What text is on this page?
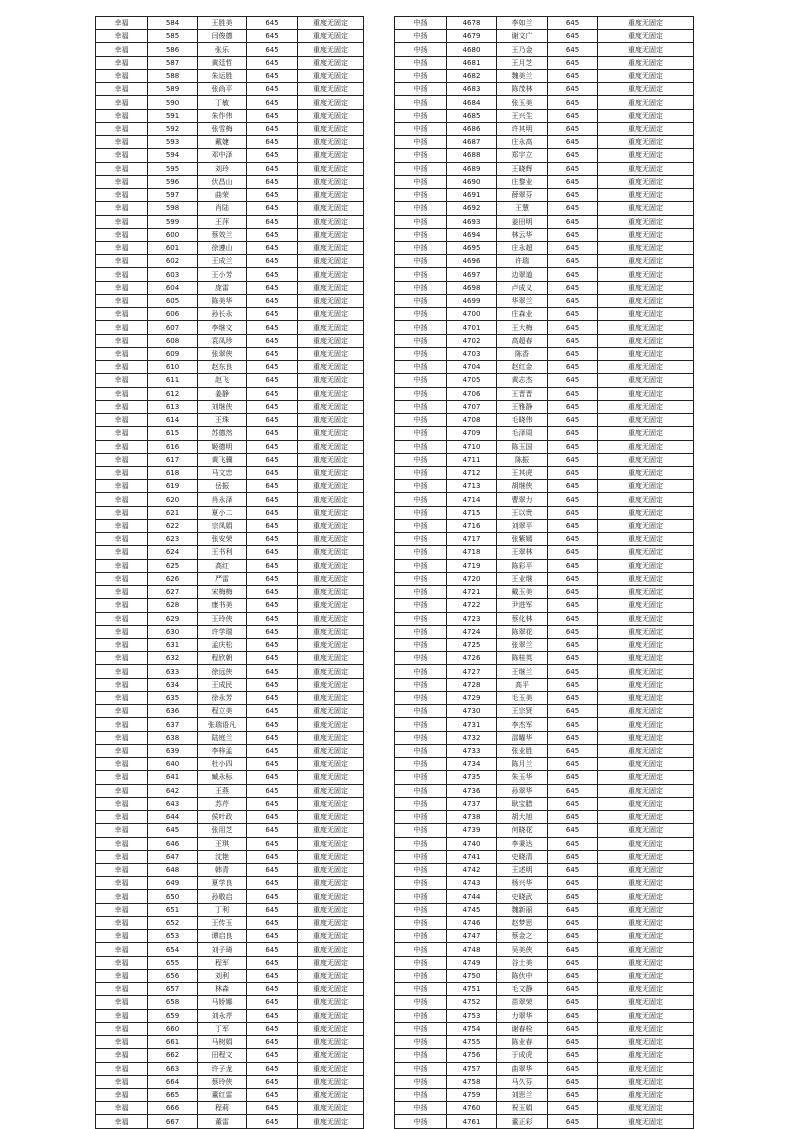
幸福	584	王胜美	645	重度无固定
幸福	585	闫俊德	645	重度无固定
幸福	586	张乐	645	重度无固定
幸福	587	黄廷哲	645	重度无固定
幸福	588	朱运胜	645	重度无固定
幸福	589	张尚平	645	重度无固定
幸福	590	丁敏	645	重度无固定
幸福	591	朱作伟	645	重度无固定
幸福	592	张雪梅	645	重度无固定
幸福	593	戴婕	645	重度无固定
幸福	594	邓中泽	645	重度无固定
幸福	595	刘玲	645	重度无固定
幸福	596	伏昌山	645	重度无固定
幸福	597	曲荣	645	重度无固定
幸福	598	肖陆	645	重度无固定
幸福	599	王萍	645	重度无固定
幸福	600	蔡效兰	645	重度无固定
幸福	601	徐遵山	645	重度无固定
幸福	602	王成兰	645	重度无固定
幸福	603	王小芳	645	重度无固定
幸福	604	庞雷	645	重度无固定
幸福	605	陈美华	645	重度无固定
幸福	606	孙长永	645	重度无固定
幸福	607	李继文	645	重度无固定
幸福	608	袁凤珍	645	重度无固定
幸福	609	张翠侠	645	重度无固定
幸福	610	赵东良	645	重度无固定
幸福	611	赵飞	645	重度无固定
幸福	612	姜静	645	重度无固定
幸福	613	刘继侠	645	重度无固定
幸福	614	王珠	645	重度无固定
幸福	615	苏德然	645	重度无固定
幸福	616	姬德明	645	重度无固定
幸福	617	黄飞骥	645	重度无固定
幸福	618	马文忠	645	重度无固定
幸福	619	岳振	645	重度无固定
幸福	620	肖永泽	645	重度无固定
幸福	621	夏小二	645	重度无固定
幸福	622	宗凤娟	645	重度无固定
幸福	623	张安荣	645	重度无固定
幸福	624	王书利	645	重度无固定
幸福	625	高红	645	重度无固定
幸福	626	严雷	645	重度无固定
幸福	627	宋梅梅	645	重度无固定
幸福	628	康书美	645	重度无固定
幸福	629	王玲侠	645	重度无固定
幸福	630	许学瑞	645	重度无固定
幸福	631	孟庆松	645	重度无固定
幸福	632	程欣朝	645	重度无固定
幸福	633	徐远侠	645	重度无固定
幸福	634	王成民	645	重度无固定
幸福	635	徐永芳	645	重度无固定
幸福	636	程立美	645	重度无固定
幸福	637	张瑞语凡	645	重度无固定
幸福	638	陆庭兰	645	重度无固定
幸福	639	李梓孟	645	重度无固定
幸福	640	杜小四	645	重度无固定
幸福	641	臧永标	645	重度无固定
幸福	642	王燕	645	重度无固定
幸福	643	苏芹	645	重度无固定
幸福	644	侯叶政	645	重度无固定
幸福	645	张用芝	645	重度无固定
幸福	646	王琪	645	重度无固定
幸福	647	沈艳	645	重度无固定
幸福	648	韩青	645	重度无固定
幸福	649	夏学良	645	重度无固定
幸福	650	孙敬启	645	重度无固定
幸福	651	丁利	645	重度无固定
幸福	652	王传玉	645	重度无固定
幸福	653	谭启良	645	重度无固定
幸福	654	刘子琦	645	重度无固定
幸福	655	程军	645	重度无固定
幸福	656	刘利	645	重度无固定
幸福	657	林森	645	重度无固定
幸福	658	马娇娜	645	重度无固定
幸福	659	刘永芹	645	重度无固定
幸福	660	丁军	645	重度无固定
幸福	661	马树娟	645	重度无固定
幸福	662	田程文	645	重度无固定
幸福	663	许子龙	645	重度无固定
幸福	664	蔡玲侠	645	重度无固定
幸福	665	董红雷	645	重度无固定
幸福	666	程莉	645	重度无固定
幸福	667	董雷	645	重度无固定
中扬	4678	李如兰	645	重度无固定
中扬	4679	谢文广	645	重度无固定
中扬	4680	王乃金	645	重度无固定
中扬	4681	王月芝	645	重度无固定
中扬	4682	魏美兰	645	重度无固定
中扬	4683	陈茂林	645	重度无固定
中扬	4684	张玉美	645	重度无固定
中扬	4685	王兴生	645	重度无固定
中扬	4686	许其明	645	重度无固定
中扬	4687	庄永高	645	重度无固定
中扬	4688	郑宇立	645	重度无固定
中扬	4689	王晓辉	645	重度无固定
中扬	4690	庄黎业	645	重度无固定
中扬	4691	薛翠芬	645	重度无固定
中扬	4692	王慧	645	重度无固定
中扬	4693	姜田明	645	重度无固定
中扬	4694	林云华	645	重度无固定
中扬	4695	庄永超	645	重度无固定
中扬	4696	许瑞	645	重度无固定
中扬	4697	边翠道	645	重度无固定
中扬	4698	卢成义	645	重度无固定
中扬	4699	华翠兰	645	重度无固定
中扬	4700	庄森业	645	重度无固定
中扬	4701	王大梅	645	重度无固定
中扬	4702	高超春	645	重度无固定
中扬	4703	陈香	645	重度无固定
中扬	4704	赵红金	645	重度无固定
中扬	4705	黄志杰	645	重度无固定
中扬	4706	王晋晋	645	重度无固定
中扬	4707	王雅静	645	重度无固定
中扬	4708	毛晓伟	645	重度无固定
中扬	4709	毛泽周	645	重度无固定
中扬	4710	陈玉国	645	重度无固定
中扬	4711	陈振	645	重度无固定
中扬	4712	王其虎	645	重度无固定
中扬	4713	胡继侠	645	重度无固定
中扬	4714	曹翠力	645	重度无固定
中扬	4715	王以贵	645	重度无固定
中扬	4716	刘翠平	645	重度无固定
中扬	4717	张紫嫣	645	重度无固定
中扬	4718	王翠林	645	重度无固定
中扬	4719	陈彩平	645	重度无固定
中扬	4720	王业继	645	重度无固定
中扬	4721	戴玉美	645	重度无固定
中扬	4722	尹进军	645	重度无固定
中扬	4723	蔡化林	645	重度无固定
中扬	4724	陈翠花	645	重度无固定
中扬	4725	张翠兰	645	重度无固定
中扬	4726	陈桂英	645	重度无固定
中扬	4727	王继兰	645	重度无固定
中扬	4728	高平	645	重度无固定
中扬	4729	毛玉美	645	重度无固定
中扬	4730	王宗贤	645	重度无固定
中扬	4731	李杰军	645	重度无固定
中扬	4732	邵曜华	645	重度无固定
中扬	4733	张业胜	645	重度无固定
中扬	4734	陈月兰	645	重度无固定
中扬	4735	朱玉华	645	重度无固定
中扬	4736	孙翠华	645	重度无固定
中扬	4737	耿宝腊	645	重度无固定
中扬	4738	胡大旭	645	重度无固定
中扬	4739	何晓花	645	重度无固定
中扬	4740	李秉达	645	重度无固定
中扬	4741	史晓清	645	重度无固定
中扬	4742	王述明	645	重度无固定
中扬	4743	杨兴华	645	重度无固定
中扬	4744	史晓武	645	重度无固定
中扬	4745	魏新丽	645	重度无固定
中扬	4746	赵梦思	645	重度无固定
中扬	4747	蔡金之	645	重度无固定
中扬	4748	吴美侠	645	重度无固定
中扬	4749	谷士美	645	重度无固定
中扬	4750	陈伏中	645	重度无固定
中扬	4751	毛文静	645	重度无固定
中扬	4752	苗翠荣	645	重度无固定
中扬	4753	力翠华	645	重度无固定
中扬	4754	谢春栓	645	重度无固定
中扬	4755	陈业春	645	重度无固定
中扬	4756	于成虎	645	重度无固定
中扬	4757	曲翠华	645	重度无固定
中扬	4758	马久芬	645	重度无固定
中扬	4759	刘思兰	645	重度无固定
中扬	4760	祝玉娟	645	重度无固定
中扬	4761	董正彩	645	重度无固定
